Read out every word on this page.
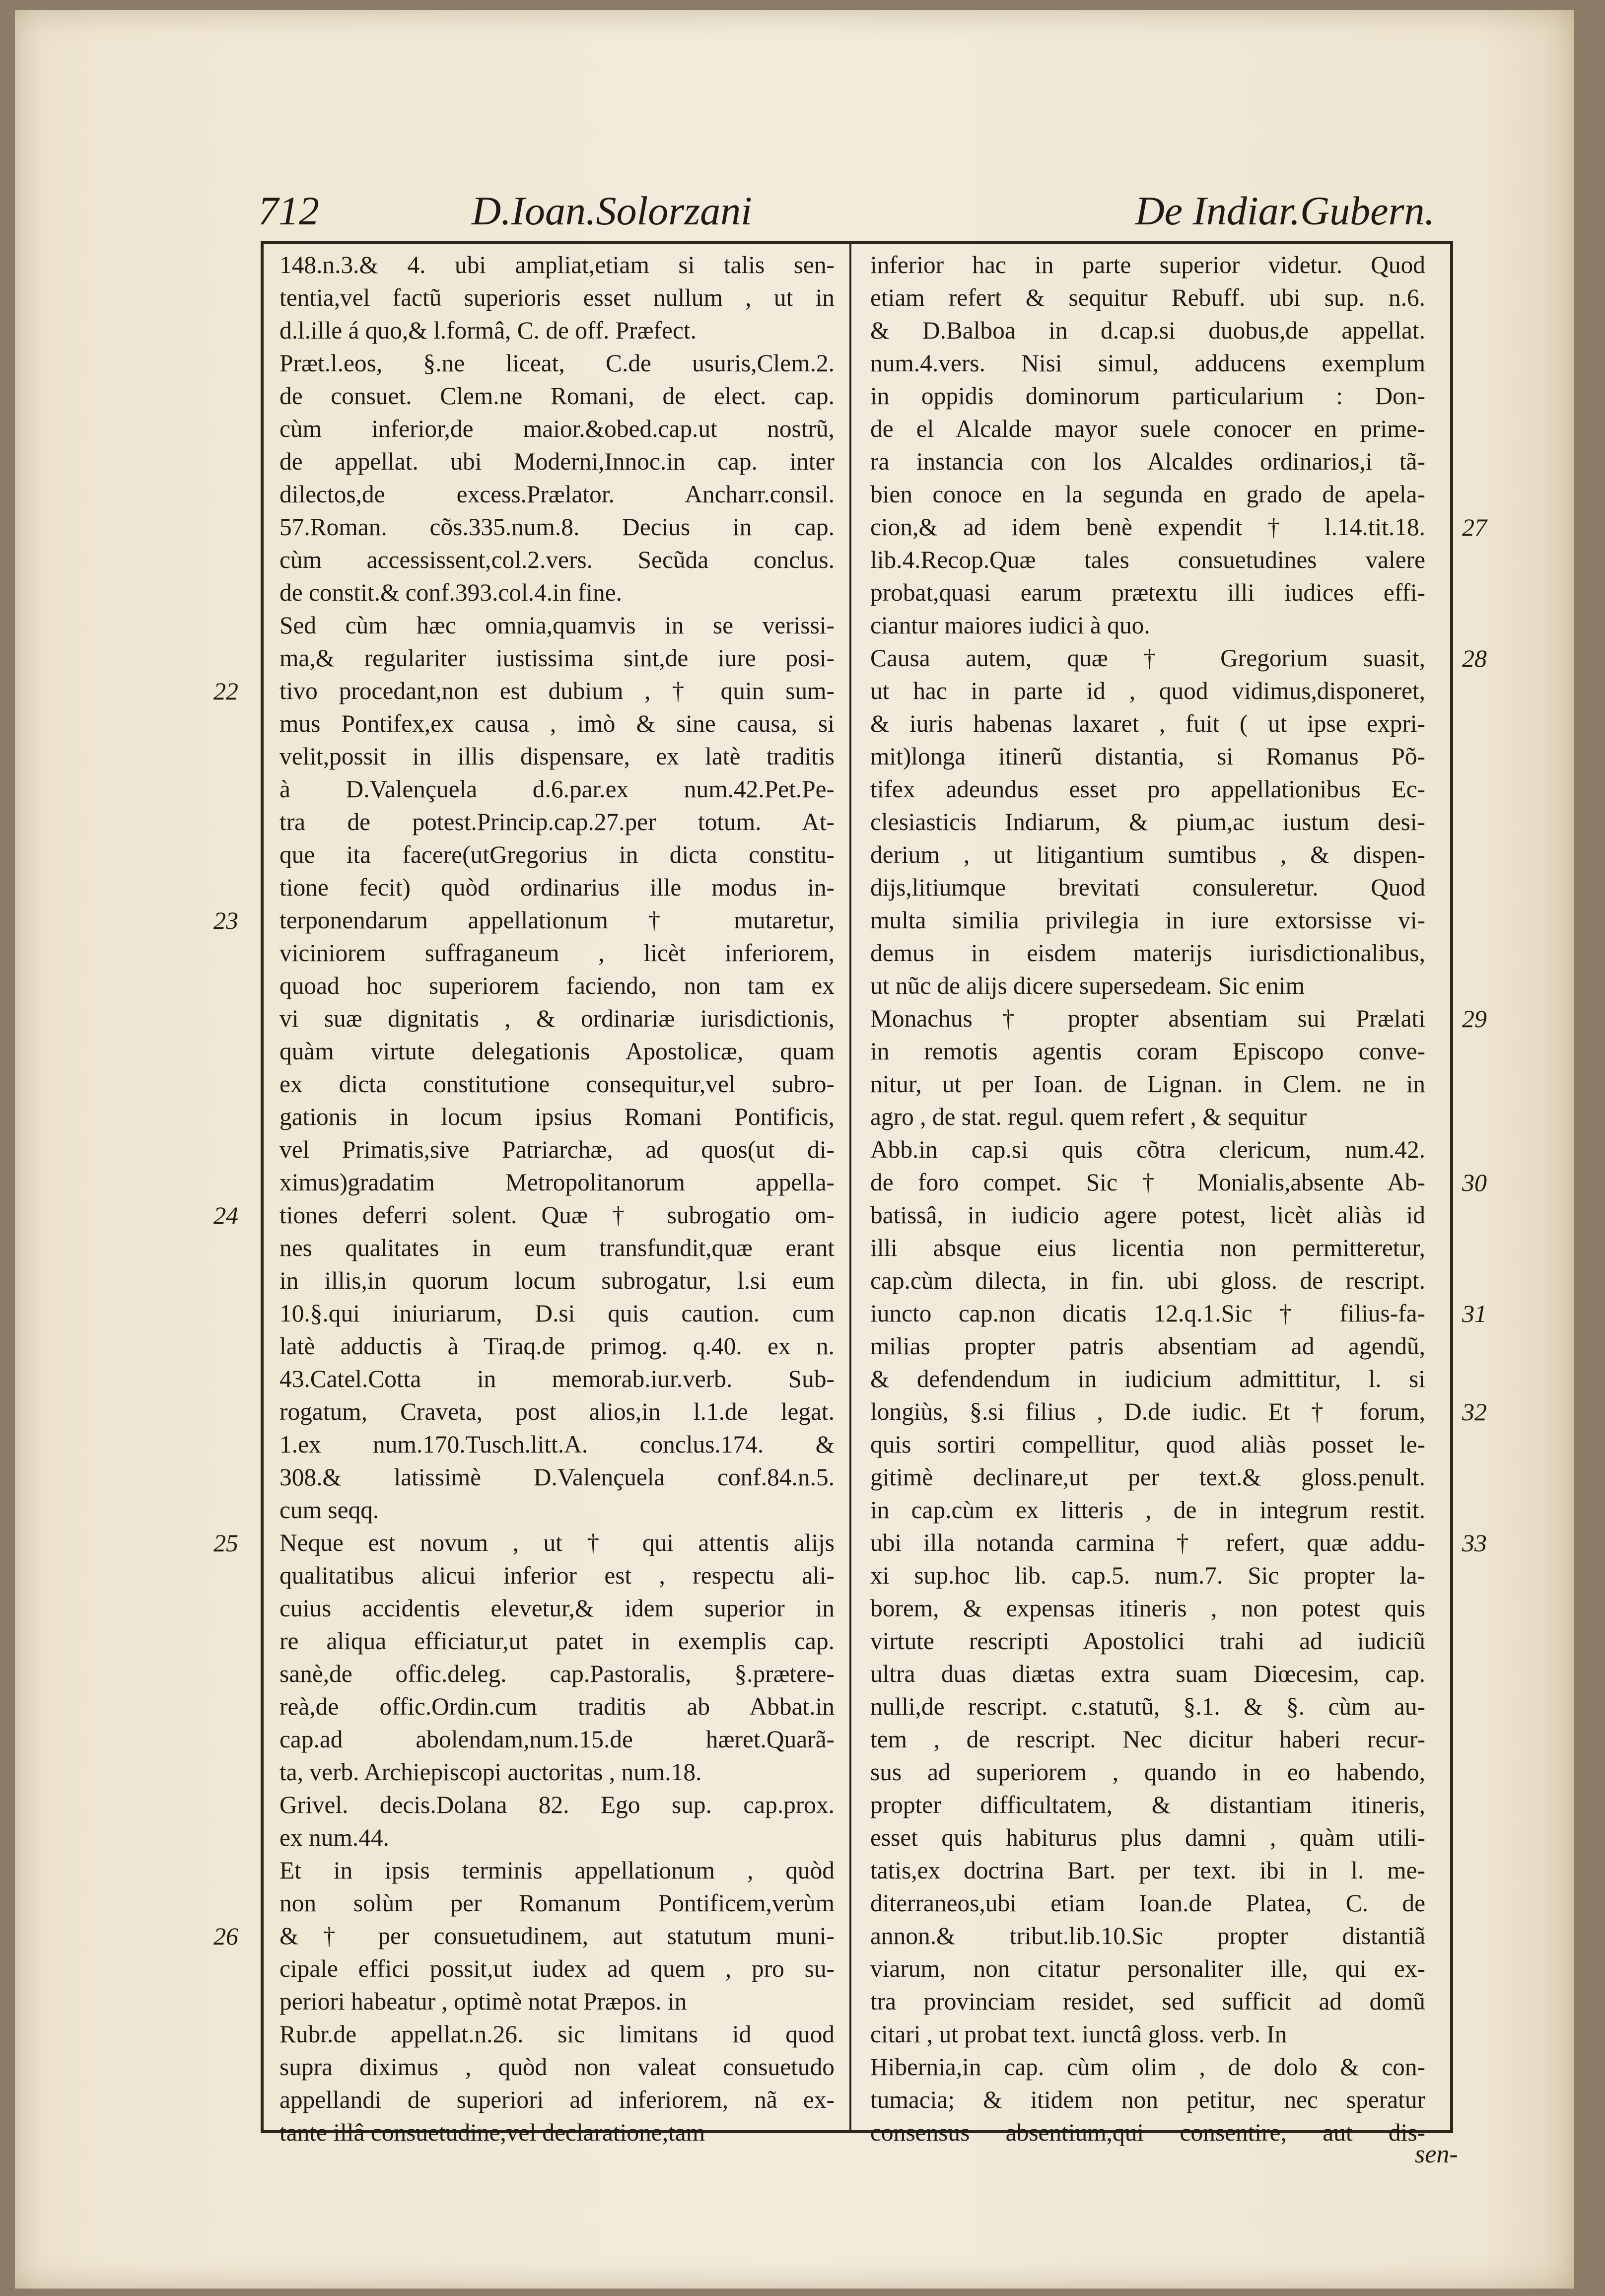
712	D.Ioan.Solorzani	De Indiar.Gubern.
148.n.3.& 4. ubi ampliat,etiam si talis sen-
tentia,vel factũ superioris esset nullum , ut in
d.l.ille á quo,& l.formâ, C. de off. Præfect.
Præt.l.eos, §.ne liceat, C.de usuris,Clem.2.
de consuet. Clem.ne Romani, de elect. cap.
cùm inferior,de maior.&obed.cap.ut nostrũ,
de appellat. ubi Moderni,Innoc.in cap. inter
dilectos,de excess.Prælator. Ancharr.consil.
57.Roman. cõs.335.num.8. Decius in cap.
cùm accessissent,col.2.vers. Secũda conclus.
de constit.& conf.393.col.4.in fine.
Sed cùm hæc omnia,quamvis in se verissi-
ma,& regulariter iustissima sint,de iure posi-
tivo procedant,non est dubium , † quin sum-
mus Pontifex,ex causa , imò & sine causa, si
velit,possit in illis dispensare, ex latè traditis
à D.Valençuela d.6.par.ex num.42.Pet.Pe-
tra de potest.Princip.cap.27.per totum. At-
que ita facere(utGregorius in dicta constitu-
tione fecit) quòd ordinarius ille modus in-
terponendarum appellationum † mutaretur,
viciniorem suffraganeum , licèt inferiorem,
quoad hoc superiorem faciendo, non tam ex
vi suæ dignitatis , & ordinariæ iurisdictionis,
quàm virtute delegationis Apostolicæ, quam
ex dicta constitutione consequitur,vel subro-
gationis in locum ipsius Romani Pontificis,
vel Primatis,sive Patriarchæ, ad quos(ut di-
ximus)gradatim Metropolitanorum appella-
tiones deferri solent. Quæ † subrogatio om-
nes qualitates in eum transfundit,quæ erant
in illis,in quorum locum subrogatur, l.si eum
10.§.qui iniuriarum, D.si quis caution. cum
latè adductis à Tiraq.de primog. q.40. ex n.
43.Catel.Cotta in memorab.iur.verb. Sub-
rogatum, Craveta, post alios,in l.1.de legat.
1.ex num.170.Tusch.litt.A. conclus.174. &
308.& latissimè D.Valençuela conf.84.n.5.
cum seqq.
Neque est novum , ut † qui attentis alijs
qualitatibus alicui inferior est , respectu ali-
cuius accidentis elevetur,& idem superior in
re aliqua efficiatur,ut patet in exemplis cap.
sanè,de offic.deleg. cap.Pastoralis, §.prætere-
reà,de offic.Ordin.cum traditis ab Abbat.in
cap.ad abolendam,num.15.de hæret.Quarã-
ta, verb. Archiepiscopi auctoritas , num.18.
Grivel. decis.Dolana 82. Ego sup. cap.prox.
ex num.44.
Et in ipsis terminis appellationum , quòd
non solùm per Romanum Pontificem,verùm
& † per consuetudinem, aut statutum muni-
cipale effici possit,ut iudex ad quem , pro su-
periori habeatur , optimè notat Præpos. in
Rubr.de appellat.n.26. sic limitans id quod
supra diximus , quòd non valeat consuetudo
appellandi de superiori ad inferiorem, nã ex-
tante illâ consuetudine,vel declaratione,tam
inferior hac in parte superior videtur. Quod
etiam refert & sequitur Rebuff. ubi sup. n.6.
& D.Balboa in d.cap.si duobus,de appellat.
num.4.vers. Nisi simul, adducens exemplum
in oppidis dominorum particularium : Don-
de el Alcalde mayor suele conocer en prime-
ra instancia con los Alcaldes ordinarios,i tã-
bien conoce en la segunda en grado de apela-
cion,& ad idem benè expendit † l.14.tit.18.
lib.4.Recop.Quæ tales consuetudines valere
probat,quasi earum prætextu illi iudices effi-
ciantur maiores iudici à quo.
Causa autem, quæ † Gregorium suasit,
ut hac in parte id , quod vidimus,disponeret,
& iuris habenas laxaret , fuit ( ut ipse expri-
mit)longa itinerũ distantia, si Romanus Põ-
tifex adeundus esset pro appellationibus Ec-
clesiasticis Indiarum, & pium,ac iustum desi-
derium , ut litigantium sumtibus , & dispen-
dijs,litiumque brevitati consuleretur. Quod
multa similia privilegia in iure extorsisse vi-
demus in eisdem materijs iurisdictionalibus,
ut nũc de alijs dicere supersedeam. Sic enim
Monachus † propter absentiam sui Prælati
in remotis agentis coram Episcopo conve-
nitur, ut per Ioan. de Lignan. in Clem. ne in
agro , de stat. regul. quem refert , & sequitur
Abb.in cap.si quis cõtra clericum, num.42.
de foro compet. Sic † Monialis,absente Ab-
batissâ, in iudicio agere potest, licèt aliàs id
illi absque eius licentia non permitteretur,
cap.cùm dilecta, in fin. ubi gloss. de rescript.
iuncto cap.non dicatis 12.q.1.Sic † filius-fa-
milias propter patris absentiam ad agendũ,
& defendendum in iudicium admittitur, l. si
longiùs, §.si filius , D.de iudic. Et † forum,
quis sortiri compellitur, quod aliàs posset le-
gitimè declinare,ut per text.& gloss.penult.
in cap.cùm ex litteris , de in integrum restit.
ubi illa notanda carmina † refert, quæ addu-
xi sup.hoc lib. cap.5. num.7. Sic propter la-
borem, & expensas itineris , non potest quis
virtute rescripti Apostolici trahi ad iudiciũ
ultra duas diætas extra suam Diœcesim, cap.
nulli,de rescript. c.statutũ, §.1. & §. cùm au-
tem , de rescript. Nec dicitur haberi recur-
sus ad superiorem , quando in eo habendo,
propter difficultatem, & distantiam itineris,
esset quis habiturus plus damni , quàm utili-
tatis,ex doctrina Bart. per text. ibi in l. me-
diterraneos,ubi etiam Ioan.de Platea, C. de
annon.& tribut.lib.10.Sic propter distantiã
viarum, non citatur personaliter ille, qui ex-
tra provinciam residet, sed sufficit ad domũ
citari , ut probat text. iunctâ gloss. verb. In
Hibernia,in cap. cùm olim , de dolo & con-
tumacia; & itidem non petitur, nec speratur
consensus absentium,qui consentire, aut dis-
22
23
24
25
26
27
28
29
30
31
32
33
sen-
